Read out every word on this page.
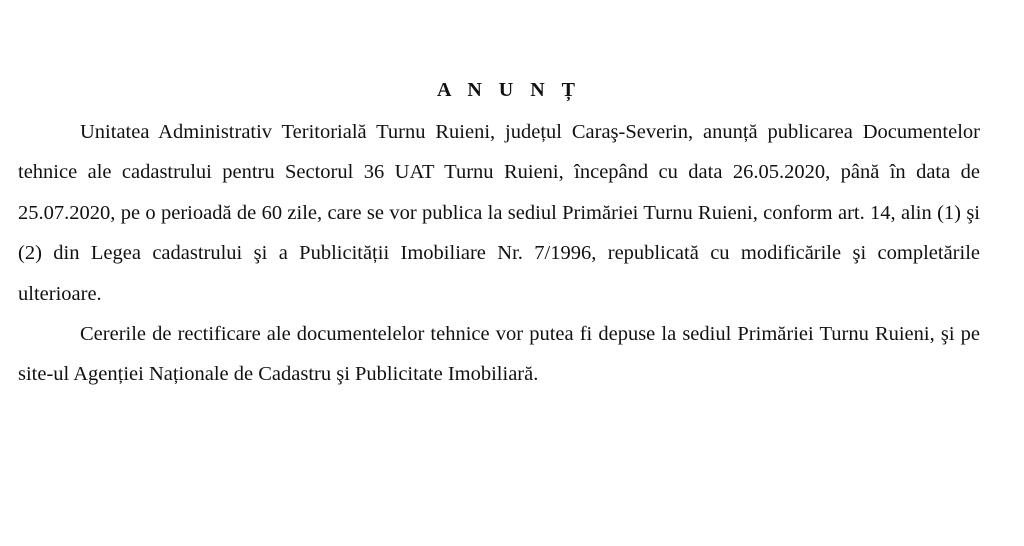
A N U N Ț

Unitatea Administrativ Teritorială Turnu Ruieni, județul Caraş-Severin, anunță publicarea Documentelor tehnice ale cadastrului pentru Sectorul 36 UAT Turnu Ruieni, începând cu data 26.05.2020, până în data de 25.07.2020, pe o perioadă de 60 zile, care se vor publica la sediul Primăriei Turnu Ruieni, conform art. 14, alin (1) şi (2) din Legea cadastrului şi a Publicității Imobiliare Nr. 7/1996, republicată cu modificările şi completările ulterioare.

Cererile de rectificare ale documentelelor tehnice vor putea fi depuse la sediul Primăriei Turnu Ruieni, şi pe site-ul Agenției Naționale de Cadastru şi Publicitate Imobiliară.
